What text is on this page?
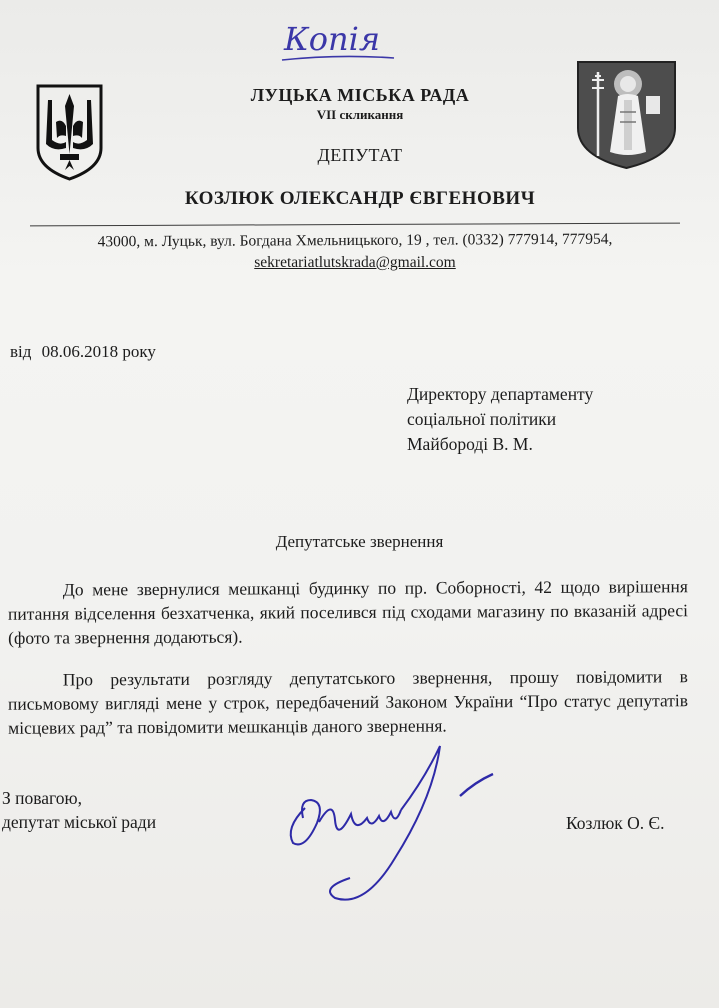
Копія
ЛУЦЬКА МІСЬКА РАДА
VII скликання
ДЕПУТАТ
КОЗЛЮК ОЛЕКСАНДР ЄВГЕНОВИЧ
43000, м. Луцьк, вул. Богдана Хмельницького, 19 , тел. (0332) 777914, 777954,
sekretariatlutskrada@gmail.com
від 08.06.2018 року
Директору департаменту
соціальної політики
Майбороді В. М.
Депутатське звернення
До мене звернулися мешканці будинку по пр. Соборності, 42 щодо вирішення питання відселення безхатченка, який поселився під сходами магазину по вказаній адресі (фото та звернення додаються).
Про результати розгляду депутатського звернення, прошу повідомити в письмовому вигляді мене у строк, передбачений Законом України “Про статус депутатів місцевих рад” та повідомити мешканців даного звернення.
З повагою,
депутат міської ради	Козлюк О. Є.
